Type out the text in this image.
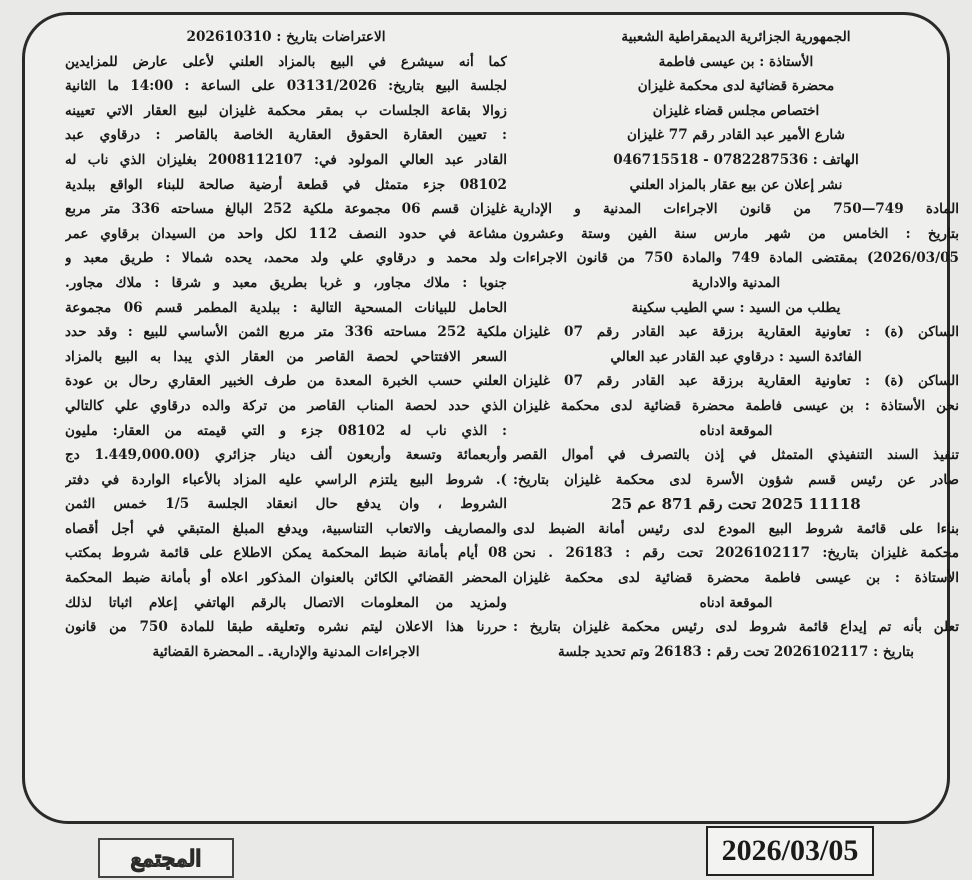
الجمهورية الجزائرية الديمقراطية الشعبية
الأستاذة : بن عيسى فاطمة
محضرة قضائية لدى محكمة غليزان
اختصاص مجلس قضاء غليزان
شارع الأمير عبد القادر رقم 77 غليزان
الهاتف : 0782287536 - 046715518
نشر إعلان عن بيع عقار بالمزاد العلني
المادة 749—750 من قانون الاجراءات المدنية و الإدارية
بتاريخ : الخامس من شهر مارس سنة الفين وستة وعشرون
2026/03/05) بمقتضى المادة 749 والمادة 750 من قانون الاجراءات
المدنية والادارية
يطلب من السيد : سي الطيب سكينة
الساكن (ة) : تعاونية العقارية برزقة عبد القادر رقم 07 غليزان
الفائدة السيد : درقاوي عبد القادر عبد العالي
الساكن (ة) : تعاونية العقارية برزقة عبد القادر رقم 07 غليزان
نحن الأستاذة : بن عيسى فاطمة محضرة قضائية لدى محكمة غليزان
الموقعة ادناه
تنفيذ السند التنفيذي المتمثل في إذن بالتصرف في أموال القصر
صادر عن رئيس قسم شؤون الأسرة لدى محكمة غليزان بتاريخ:
11118 2025 تحت رقم 871 عم 25
بناءا على قائمة شروط البيع المودع لدى رئيس أمانة الضبط لدى
محكمة غليزان بتاريخ: 2026102117 تحت رقم : 26183 . نحن
الأستاذة : بن عيسى فاطمة محضرة قضائية لدى محكمة غليزان
الموقعة ادناه
تعلن بأنه تم إيداع قائمة شروط لدى رئيس محكمة غليزان بتاريخ :
بتاريخ : 2026102117 تحت رقم : 26183 وتم تحديد جلسة
الاعتراضات بتاريخ : 202610310
كما أنه سيشرع في البيع بالمزاد العلني لأعلى عارض للمزايدين
لجلسة البيع بتاريخ: 03131/2026 على الساعة : 14:00 ما الثانية
زوالا بقاعة الجلسات ب بمقر محكمة غليزان لبيع العقار الاتي تعيينه
: تعيين العقارة الحقوق العقارية الخاصة بالقاصر : درقاوي عبد
القادر عبد العالي المولود في: 2008112107 بغليزان الذي ناب له
08102 جزء متمثل في قطعة أرضية صالحة للبناء الواقع ببلدية
غليزان قسم 06 مجموعة ملكية 252 البالغ مساحته 336 متر مربع
مشاعة في حدود النصف 112 لكل واحد من السيدان برقاوي عمر
ولد محمد و درقاوي علي ولد محمد، يحده شمالا : طريق معبد و
جنوبا : ملاك مجاور، و غربا بطريق معبد و شرقا : ملاك مجاور.
الحامل للبيانات المسحية التالية : ببلدية المطمر قسم 06 مجموعة
ملكية 252 مساحته 336 متر مربع الثمن الأساسي للبيع : وقد حدد
السعر الافتتاحي لحصة القاصر من العقار الذي يبدا به البيع بالمزاد
العلني حسب الخبرة المعدة من طرف الخبير العقاري رحال بن عودة
الذي حدد لحصة المناب القاصر من تركة والده درقاوي علي كالتالي
: الذي ناب له 08102 جزء و التي قيمته من العقار: مليون
وأربعمائة وتسعة وأربعون ألف دينار جزائري (1.449,000.00 دج
). شروط البيع يلتزم الراسي عليه المزاد بالأعباء الواردة في دفتر
الشروط ، وان يدفع حال انعقاد الجلسة 1/5 خمس الثمن
والمصاريف والاتعاب التناسبية، ويدفع المبلغ المتبقي في أجل أقصاه
08 أيام بأمانة ضبط المحكمة يمكن الاطلاع على قائمة شروط بمكتب
المحضر القضائي الكائن بالعنوان المذكور اعلاه أو بأمانة ضبط المحكمة
ولمزيد من المعلومات الاتصال بالرقم الهاتفي إعلام اثباتا لذلك
حررنا هذا الاعلان ليتم نشره وتعليقه طبقا للمادة 750 من قانون
الاجراءات المدنية والإدارية. ـ المحضرة القضائية
2026/03/05
المجتمع
